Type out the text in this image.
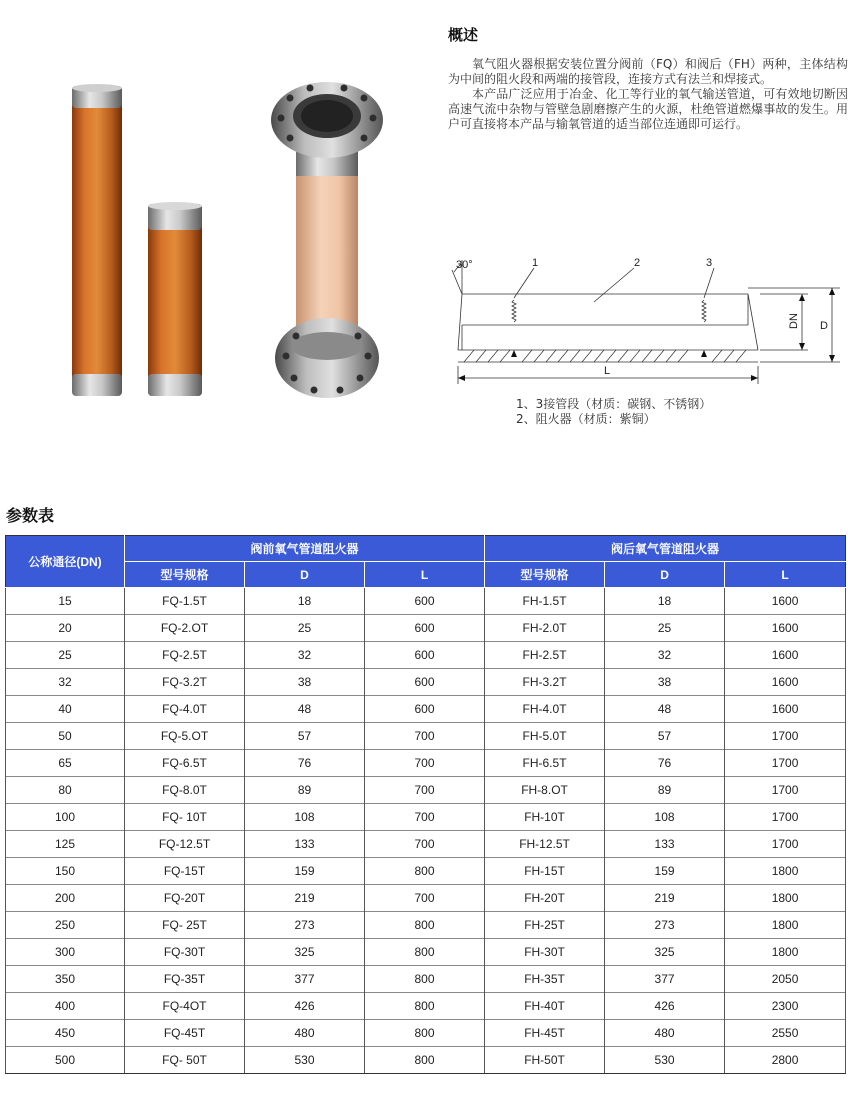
概述

氧气阻火器根据安装位置分阀前（FQ）和阀后（FH）两种，主体结构为中间的阻火段和两端的接管段，连接方式有法兰和焊接式。

本产品广泛应用于冶金、化工等行业的氧气输送管道，可有效地切断因高速气流中杂物与管壁急剧磨擦产生的火源，杜绝管道燃爆事故的发生。用户可直接将本产品与输氧管道的适当部位连通即可运行。

30°	1	2	3
DN D
L
1、3接管段（材质：碳钢、不锈钢）
2、阻火器（材质：紫铜）
参数表
公称通径(DN)	阀前氧气管道阻火器			阀后氧气管道阻火器		
	型号规格	D	L	型号规格	D	L
15	FQ-1.5T	18	600	FH-1.5T	18	1600
20	FQ-2.OT	25	600	FH-2.0T	25	1600
25	FQ-2.5T	32	600	FH-2.5T	32	1600
32	FQ-3.2T	38	600	FH-3.2T	38	1600
40	FQ-4.0T	48	600	FH-4.0T	48	1600
50	FQ-5.OT	57	700	FH-5.0T	57	1700
65	FQ-6.5T	76	700	FH-6.5T	76	1700
80	FQ-8.0T	89	700	FH-8.OT	89	1700
100	FQ- 10T	108	700	FH-10T	108	1700
125	FQ-12.5T	133	700	FH-12.5T	133	1700
150	FQ-15T	159	800	FH-15T	159	1800
200	FQ-20T	219	700	FH-20T	219	1800
250	FQ- 25T	273	800	FH-25T	273	1800
300	FQ-30T	325	800	FH-30T	325	1800
350	FQ-35T	377	800	FH-35T	377	2050
400	FQ-4OT	426	800	FH-40T	426	2300
450	FQ-45T	480	800	FH-45T	480	2550
500	FQ- 50T	530	800	FH-50T	530	2800
